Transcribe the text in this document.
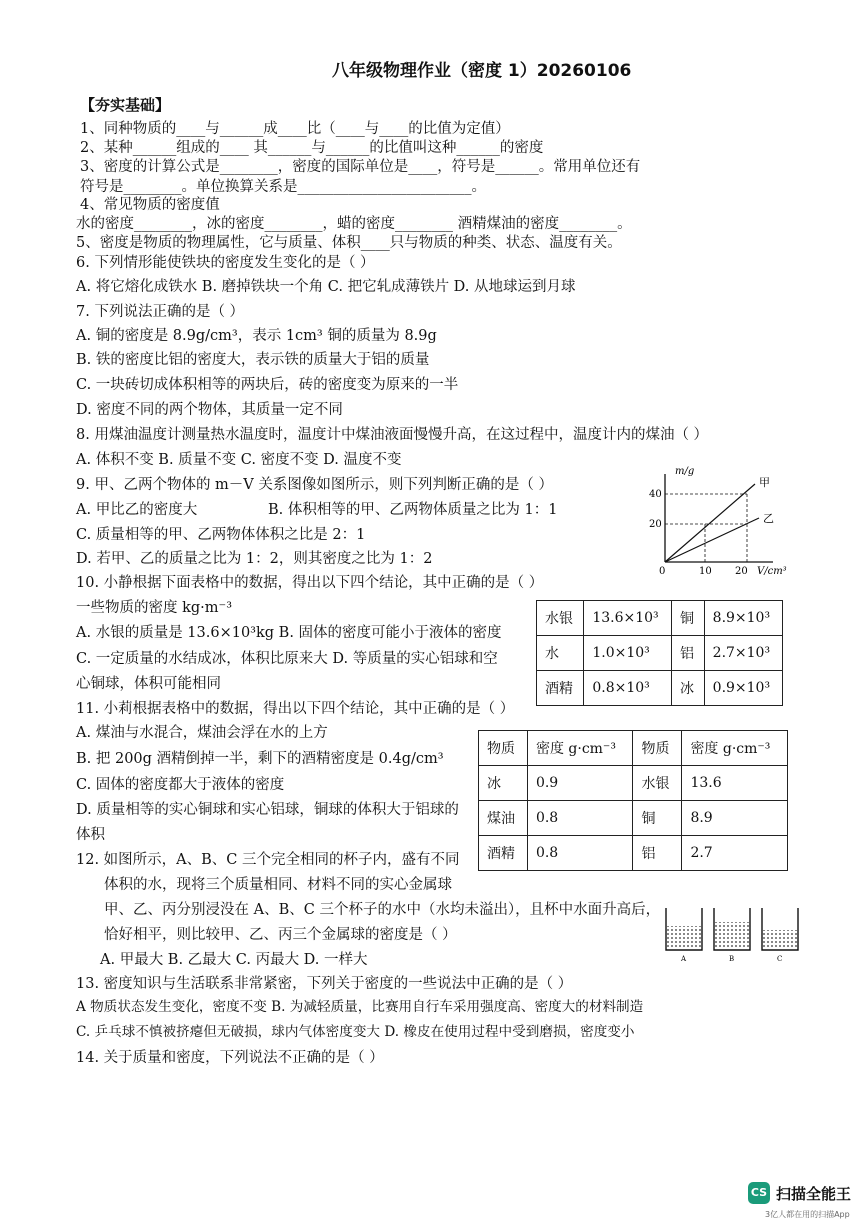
八年级物理作业（密度 1）20260106
【夯实基础】
1、同种物质的____与______成____比（____与____的比值为定值）
2、某种______组成的____ 其______与______的比值叫这种______的密度
3、密度的计算公式是________，密度的国际单位是____，符号是______。常用单位还有
符号是________。单位换算关系是________________________。
4、常见物质的密度值
水的密度________，冰的密度________，蜡的密度________ 酒精煤油的密度________。
5、密度是物质的物理属性，它与质量、体积____只与物质的种类、状态、温度有关。
6. 下列情形能使铁块的密度发生变化的是（ ）
A. 将它熔化成铁水 B. 磨掉铁块一个角 C. 把它轧成薄铁片 D. 从地球运到月球
7. 下列说法正确的是（ ）
A. 铜的密度是 8.9g/cm³，表示 1cm³ 铜的质量为 8.9g
B. 铁的密度比铝的密度大，表示铁的质量大于铝的质量
C. 一块砖切成体积相等的两块后，砖的密度变为原来的一半
D. 密度不同的两个物体，其质量一定不同
8. 用煤油温度计测量热水温度时，温度计中煤油液面慢慢升高，在这过程中，温度计内的煤油（ ）
A. 体积不变 B. 质量不变 C. 密度不变 D. 温度不变
9. 甲、乙两个物体的 m－V 关系图像如图所示，则下列判断正确的是（ ）
A. 甲比乙的密度大	B. 体积相等的甲、乙两物体质量之比为 1：1
C. 质量相等的甲、乙两物体体积之比是 2：1
D. 若甲、乙的质量之比为 1：2，则其密度之比为 1：2
10. 小静根据下面表格中的数据，得出以下四个结论，其中正确的是（ ）
一些物质的密度 kg·m⁻³
A. 水银的质量是 13.6×10³kg B. 固体的密度可能小于液体的密度
C. 一定质量的水结成冰，体积比原来大 D. 等质量的实心铝球和空
心铜球，体积可能相同
11. 小莉根据表格中的数据，得出以下四个结论，其中正确的是（ ）
A. 煤油与水混合，煤油会浮在水的上方
B. 把 200g 酒精倒掉一半，剩下的酒精密度是 0.4g/cm³
C. 固体的密度都大于液体的密度
D. 质量相等的实心铜球和实心铝球，铜球的体积大于铝球的
体积
12. 如图所示，A、B、C 三个完全相同的杯子内，盛有不同
体积的水，现将三个质量相同、材料不同的实心金属球
甲、乙、丙分别浸没在 A、B、C 三个杯子的水中（水均未溢出），且杯中水面升高后，
恰好相平，则比较甲、乙、丙三个金属球的密度是（ ）
A. 甲最大 B. 乙最大 C. 丙最大 D. 一样大
13. 密度知识与生活联系非常紧密，下列关于密度的一些说法中正确的是（ ）
A 物质状态发生变化，密度不变 B. 为减轻质量，比赛用自行车采用强度高、密度大的材料制造
C. 乒乓球不慎被挤瘪但无破损，球内气体密度变大 D. 橡皮在使用过程中受到磨损，密度变小
14. 关于质量和密度，下列说法不正确的是（ ）
m/g
V/cm³
0
40
20
10 20
甲
乙
水银	13.6×10³	铜	8.9×10³
水	1.0×10³	铝	2.7×10³
酒精	0.8×10³	冰	0.9×10³
物质	密度 g·cm⁻³	物质	密度 g·cm⁻³
冰	0.9	水银	13.6
煤油	0.8	铜	8.9
酒精	0.8	铝	2.7
A	B	C
CS 扫描全能王
3亿人都在用的扫描App
